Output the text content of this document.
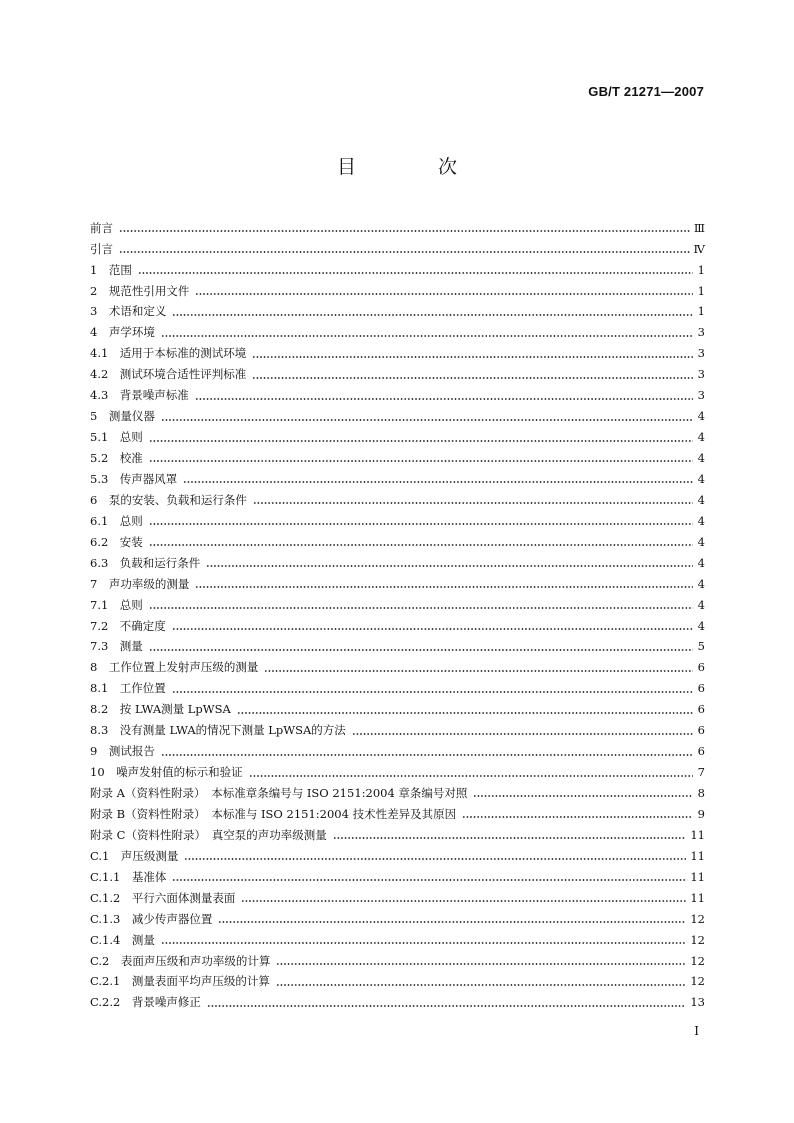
GB/T 21271—2007
目 次
前言	Ⅲ
引言	Ⅳ
1　范围	1
2　规范性引用文件	1
3　术语和定义	1
4　声学环境	3
4.1　适用于本标准的测试环境	3
4.2　测试环境合适性评判标准	3
4.3　背景噪声标准	3
5　测量仪器	4
5.1　总则	4
5.2　校准	4
5.3　传声器风罩	4
6　泵的安装、负载和运行条件	4
6.1　总则	4
6.2　安装	4
6.3　负载和运行条件	4
7　声功率级的测量	4
7.1　总则	4
7.2　不确定度	4
7.3　测量	5
8　工作位置上发射声压级的测量	6
8.1　工作位置	6
8.2　按 LWA测量 LpWSA	6
8.3　没有测量 LWA的情况下测量 LpWSA的方法	6
9　测试报告	6
10　噪声发射值的标示和验证	7
附录 A（资料性附录）　本标准章条编号与 ISO 2151:2004 章条编号对照	8
附录 B（资料性附录）　本标准与 ISO 2151:2004 技术性差异及其原因	9
附录 C（资料性附录）　真空泵的声功率级测量	11
C.1　声压级测量	11
C.1.1　基准体	11
C.1.2　平行六面体测量表面	11
C.1.3　减少传声器位置	12
C.1.4　测量	12
C.2　表面声压级和声功率级的计算	12
C.2.1　测量表面平均声压级的计算	12
C.2.2　背景噪声修正	13
I
